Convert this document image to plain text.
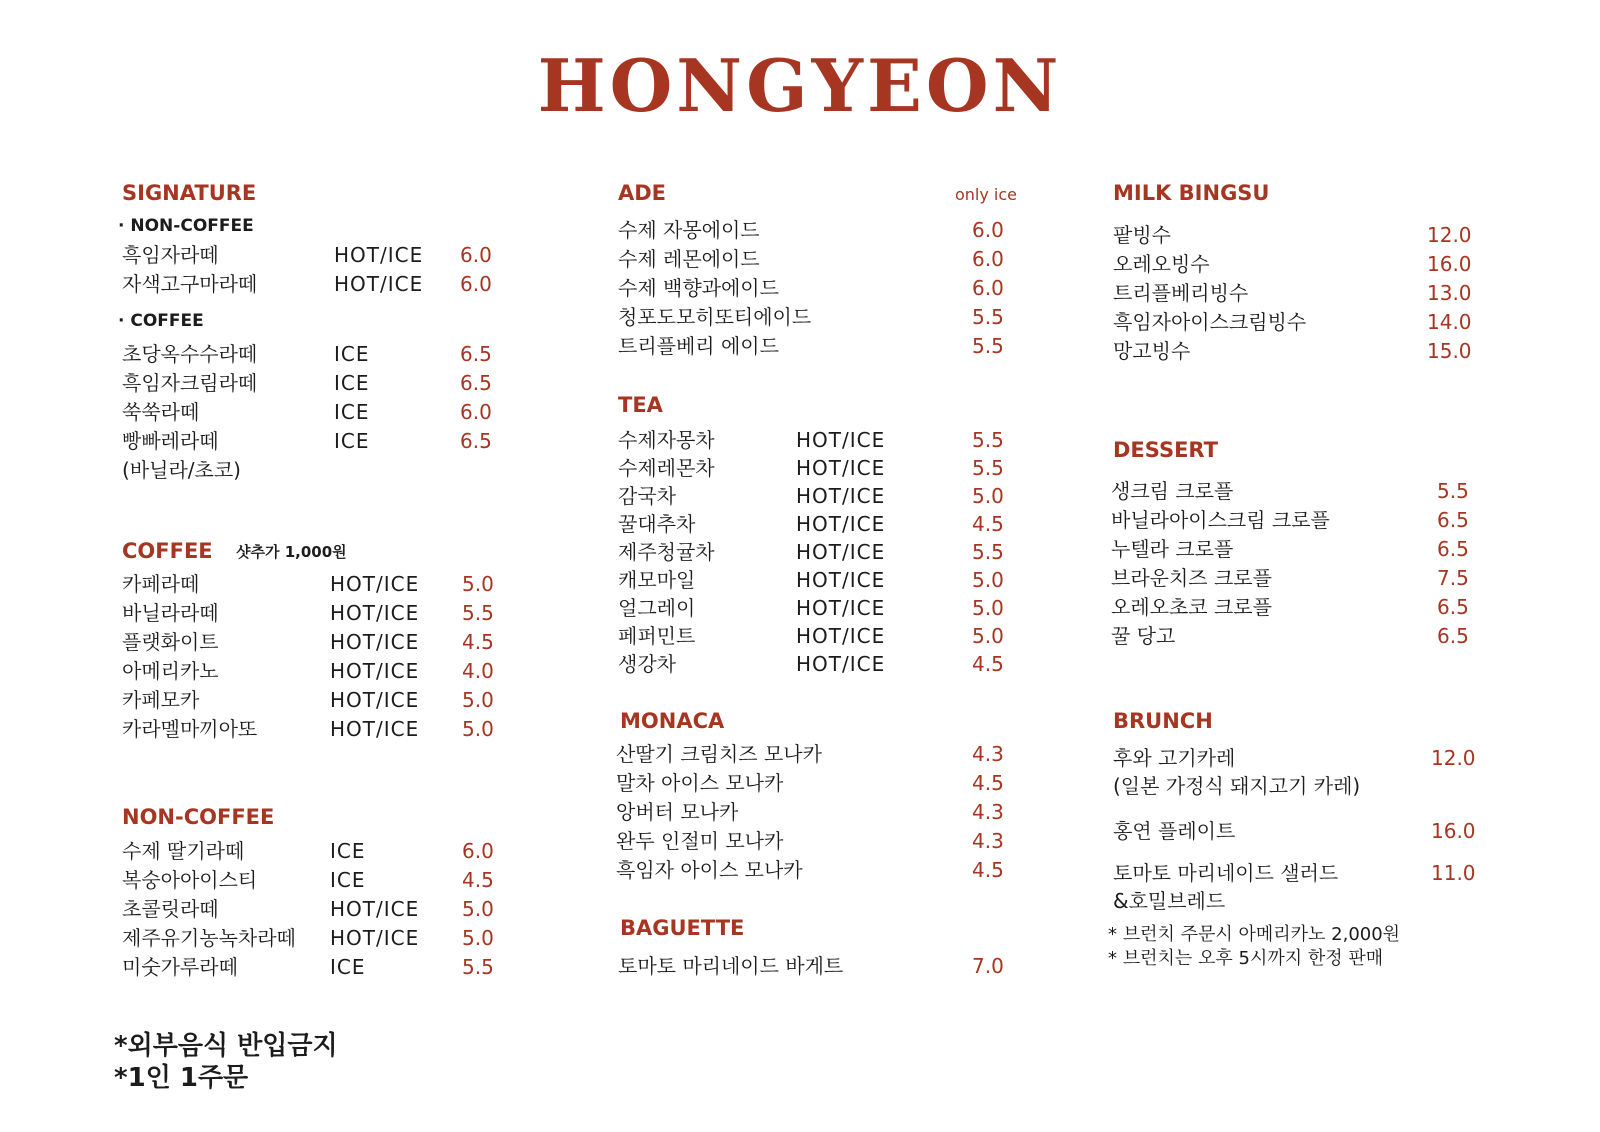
HONGYEON
SIGNATURE
· NON-COFFEE
흑임자라떼	HOT/ICE 6.0
자색고구마라떼	HOT/ICE 6.0
· COFFEE
초당옥수수라떼	ICE	6.5
흑임자크림라떼	ICE	6.5
쑥쑥라떼	ICE	6.0
빵빠레라떼	ICE	6.5
(바닐라/초코)
COFFEE 샷추가 1,000원
카페라떼	HOT/ICE 5.0
바닐라라떼	HOT/ICE 5.5
플랫화이트	HOT/ICE 4.5
아메리카노	HOT/ICE 4.0
카페모카	HOT/ICE 5.0
카라멜마끼아또	HOT/ICE 5.0
NON-COFFEE
수제 딸기라떼	ICE	6.0
복숭아아이스티	ICE	4.5
초콜릿라떼	HOT/ICE 5.0
제주유기농녹차라떼 HOT/ICE 5.0
미숫가루라떼	ICE	5.5
*외부음식 반입금지
*1인 1주문
ADE	only ice
수제 자몽에이드	6.0
수제 레몬에이드	6.0
수제 백향과에이드	6.0
청포도모히또티에이드	5.5
트리플베리 에이드	5.5
TEA
수제자몽차	HOT/ICE	5.5
수제레몬차	HOT/ICE	5.5
감국차	HOT/ICE	5.0
꿀대추차	HOT/ICE	4.5
제주청귤차	HOT/ICE	5.5
캐모마일	HOT/ICE	5.0
얼그레이	HOT/ICE	5.0
페퍼민트	HOT/ICE	5.0
생강차	HOT/ICE	4.5
MONACA
산딸기 크림치즈 모나카	4.3
말차 아이스 모나카	4.5
앙버터 모나카	4.3
완두 인절미 모나카	4.3
흑임자 아이스 모나카	4.5
BAGUETTE
토마토 마리네이드 바게트	7.0
MILK BINGSU
팥빙수	12.0
오레오빙수	16.0
트리플베리빙수	13.0
흑임자아이스크림빙수	14.0
망고빙수	15.0
DESSERT
생크림 크로플	5.5
바닐라아이스크림 크로플	6.5
누텔라 크로플	6.5
브라운치즈 크로플	7.5
오레오초코 크로플	6.5
꿀 당고	6.5
BRUNCH
후와 고기카레	12.0
(일본 가정식 돼지고기 카레)
홍연 플레이트	16.0
토마토 마리네이드 샐러드	11.0
&호밀브레드
* 브런치 주문시 아메리카노 2,000원
* 브런치는 오후 5시까지 한정 판매
